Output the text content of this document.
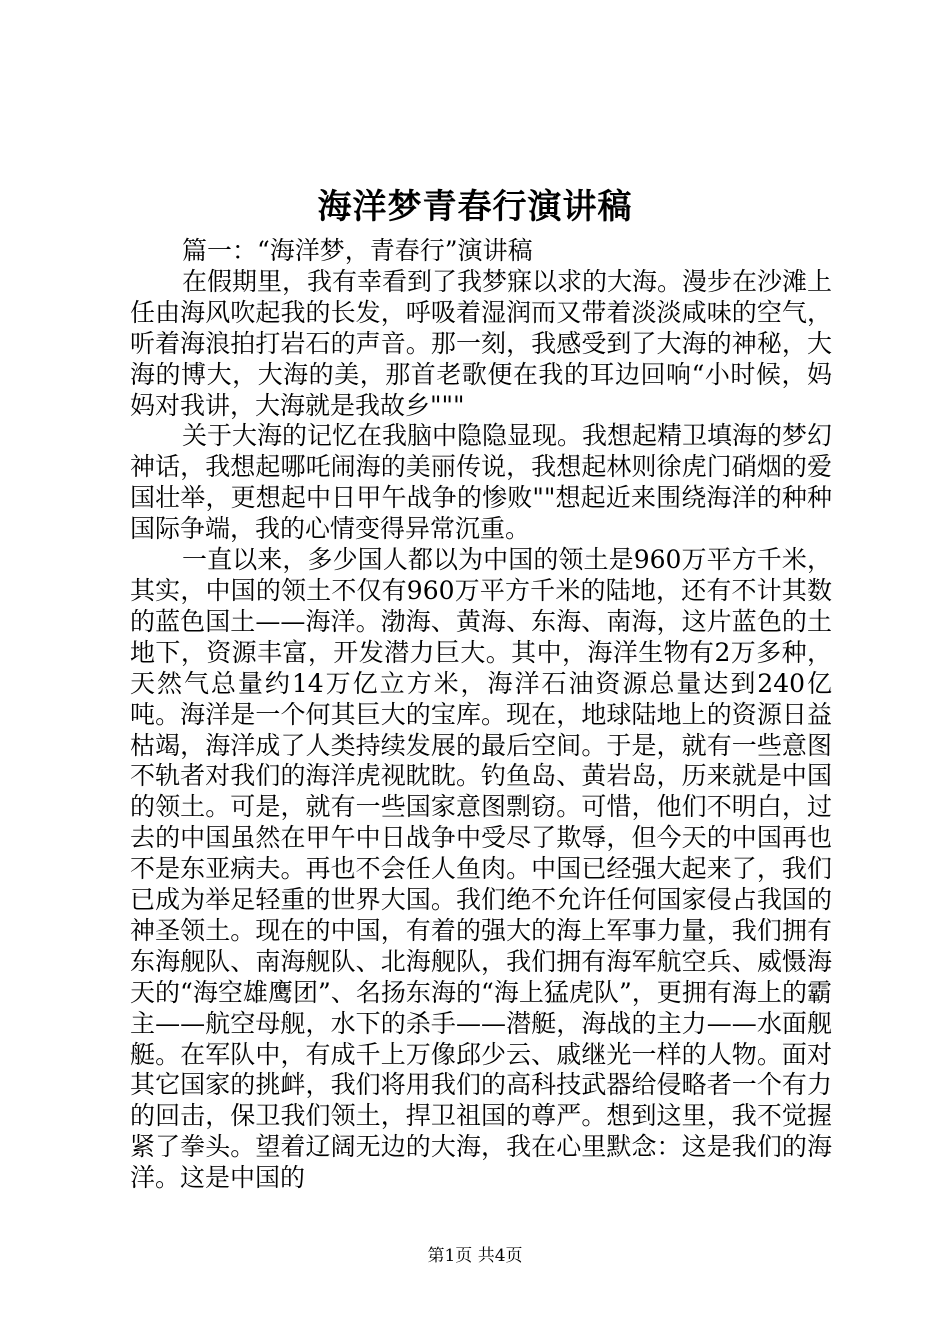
海洋梦青春行演讲稿

篇一：“海洋梦，青春行”演讲稿

在假期里，我有幸看到了我梦寐以求的大海。漫步在沙滩上任由海风吹起我的长发，呼吸着湿润而又带着淡淡咸味的空气，听着海浪拍打岩石的声音。那一刻，我感受到了大海的神秘，大海的博大，大海的美，那首老歌便在我的耳边回响“小时候，妈妈对我讲，大海就是我故乡"""

关于大海的记忆在我脑中隐隐显现。我想起精卫填海的梦幻神话，我想起哪吒闹海的美丽传说，我想起林则徐虎门硝烟的爱国壮举，更想起中日甲午战争的惨败""想起近来围绕海洋的种种国际争端，我的心情变得异常沉重。

一直以来，多少国人都以为中国的领土是960万平方千米，其实，中国的领土不仅有960万平方千米的陆地，还有不计其数的蓝色国土——海洋。渤海、黄海、东海、南海，这片蓝色的土地下，资源丰富，开发潜力巨大。其中，海洋生物有2万多种，天然气总量约14万亿立方米，海洋石油资源总量达到240亿吨。海洋是一个何其巨大的宝库。现在，地球陆地上的资源日益枯竭，海洋成了人类持续发展的最后空间。于是，就有一些意图不轨者对我们的海洋虎视眈眈。钓鱼岛、黄岩岛，历来就是中国的领土。可是，就有一些国家意图剽窃。可惜，他们不明白，过去的中国虽然在甲午中日战争中受尽了欺辱，但今天的中国再也不是东亚病夫。再也不会任人鱼肉。中国已经强大起来了，我们已成为举足轻重的世界大国。我们绝不允许任何国家侵占我国的神圣领土。现在的中国，有着的强大的海上军事力量，我们拥有东海舰队、南海舰队、北海舰队，我们拥有海军航空兵、威慑海天的“海空雄鹰团”、名扬东海的“海上猛虎队”，更拥有海上的霸主——航空母舰，水下的杀手——潜艇，海战的主力——水面舰艇。在军队中，有成千上万像邱少云、戚继光一样的人物。面对其它国家的挑衅，我们将用我们的高科技武器给侵略者一个有力的回击，保卫我们领土，捍卫祖国的尊严。想到这里，我不觉握紧了拳头。望着辽阔无边的大海，我在心里默念：这是我们的海洋。这是中国的

第1页 共4页
